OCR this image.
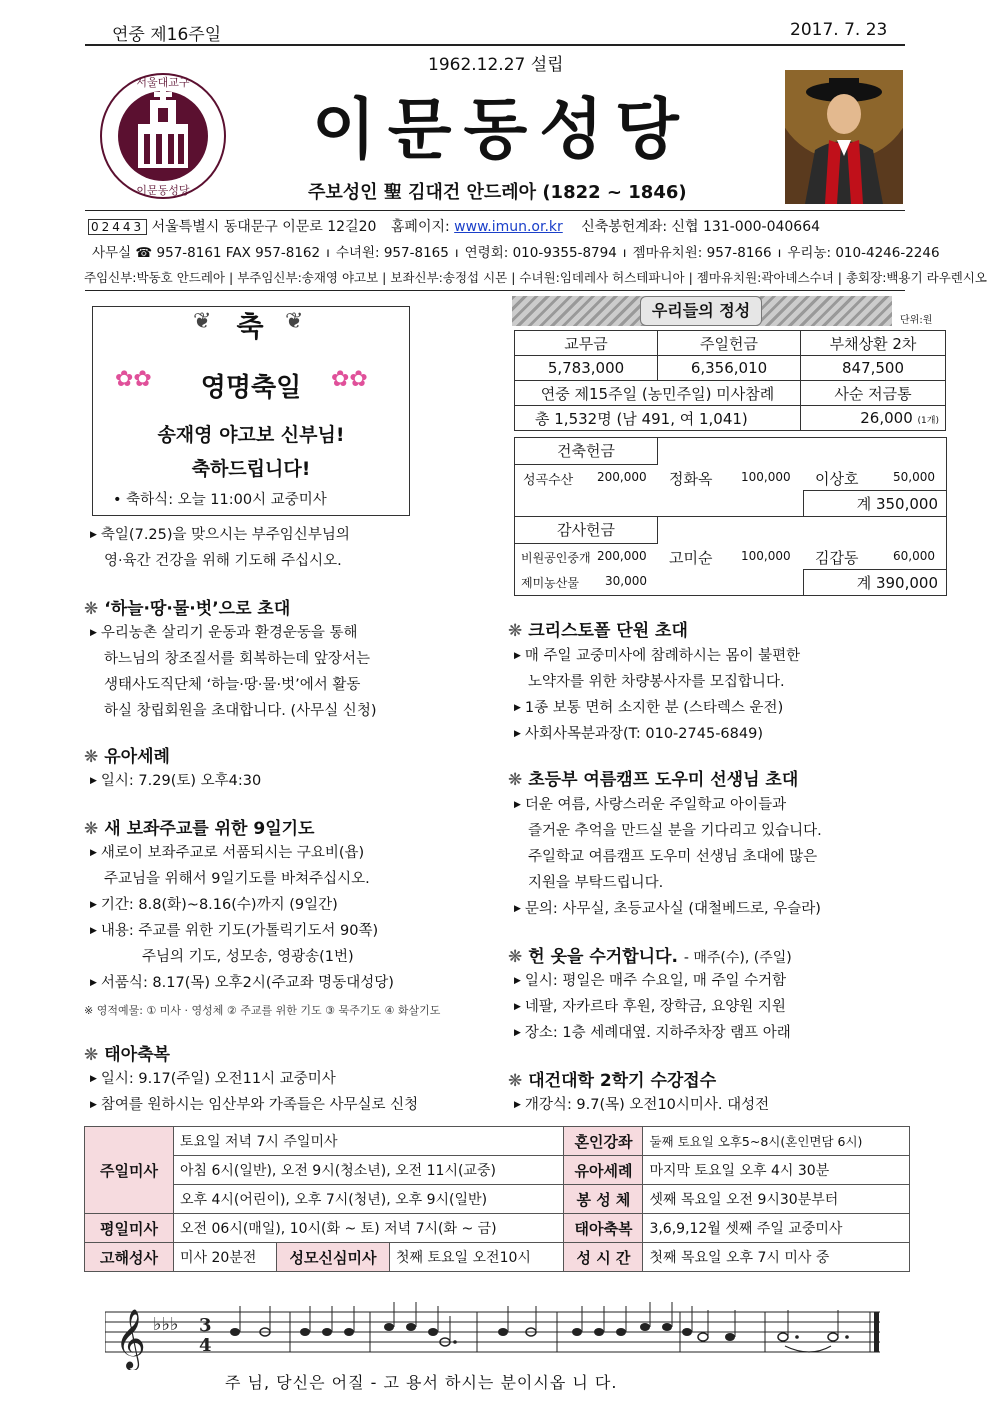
연중 제16주일	2017. 7. 23
서울대교구
이문동성당
1962.12.27 설립
이문동성당
주보성인 聖 김대건 안드레아 (1822 ~ 1846)
02443 서울특별시 동대문구 이문로 12길20 홈페이지: www.imun.or.kr 신축봉헌계좌: 신협 131-000-040664
사무실 ☎ 957-8161 FAX 957-8162 ı 수녀원: 957-8165 ı 연령회: 010-9355-8794 ı 젬마유치원: 957-8166 ı 우리농: 010-4246-2246
주임신부:박동호 안드레아 | 부주임신부:송재영 야고보 | 보좌신부:송정섭 시몬 | 수녀원:임데레사 허스테파니아 | 젬마유치원:곽아녜스수녀 | 총회장:백용기 라우렌시오
축
❦	❦
✿✿	✿✿
영명축일
송재영 야고보 신부님!
축하드립니다!
• 축하식: 오늘 11:00시 교중미사
▶ 축일(7.25)을 맞으시는 부주임신부님의
영·육간 건강을 위해 기도해 주십시오.
❋ ‘하늘·땅·물·벗’으로 초대
▶ 우리농촌 살리기 운동과 환경운동을 통해
하느님의 창조질서를 회복하는데 앞장서는
생태사도직단체 ‘하늘·땅·물·벗’에서 활동
하실 창립회원을 초대합니다. (사무실 신청)
❋ 유아세례
▶ 일시: 7.29(토) 오후4:30
❋ 새 보좌주교를 위한 9일기도
▶ 새로이 보좌주교로 서품되시는 구요비(욥)
주교님을 위해서 9일기도를 바쳐주십시오.
▶ 기간: 8.8(화)~8.16(수)까지 (9일간)
▶ 내용: 주교를 위한 기도(가톨릭기도서 90쪽)
주님의 기도, 성모송, 영광송(1번)
▶ 서품식: 8.17(목) 오후2시(주교좌 명동대성당)
※ 영적예물: ① 미사 · 영성체 ② 주교를 위한 기도 ③ 묵주기도 ④ 화살기도
❋ 태아축복
▶ 일시: 9.17(주일) 오전11시 교중미사
▶ 참여를 원하시는 임산부와 가족들은 사무실로 신청
우리들의 정성
단위:원
교무금	주일헌금	부채상환 2차
5,783,000	6,356,010	847,500
연중 제15주일 (농민주일) 미사참례		사순 저금통
총 1,532명 (남 491, 여 1,041)		26,000 (1개)
건축헌금
성곡수산 200,000 정화옥 100,000 이상호	50,000
계 350,000
감사헌금
비원공인중개 200,000 고미순 100,000 김갑동	60,000
제미농산물 30,000	계 390,000
❋ 크리스토폴 단원 초대
▶ 매 주일 교중미사에 참례하시는 몸이 불편한
노약자를 위한 차량봉사자를 모집합니다.
▶ 1종 보통 면허 소지한 분 (스타렉스 운전)
▶ 사회사목분과장(T: 010-2745-6849)
❋ 초등부 여름캠프 도우미 선생님 초대
▶ 더운 여름, 사랑스러운 주일학교 아이들과
즐거운 추억을 만드실 분을 기다리고 있습니다.
주일학교 여름캠프 도우미 선생님 초대에 많은
지원을 부탁드립니다.
▶ 문의: 사무실, 초등교사실 (대철베드로, 우슬라)
❋ 헌 옷을 수거합니다. - 매주(수), (주일)
▶ 일시: 평일은 매주 수요일, 매 주일 수거함
▶ 네팔, 자카르타 후원, 장학금, 요양원 지원
▶ 장소: 1층 세례대옆. 지하주차장 램프 아래
❋ 대건대학 2학기 수강접수
▶ 개강식: 9.7(목) 오전10시미사. 대성전
주일미사	토요일 저녁 7시 주일미사			혼인강좌	둘째 토요일 오후5~8시(혼인면담 6시)
	아침 6시(일반), 오전 9시(청소년), 오전 11시(교중)			유아세례	마지막 토요일 오후 4시 30분
	오후 4시(어린이), 오후 7시(청년), 오후 9시(일반)			봉 성 체	셋째 목요일 오전 9시30분부터
평일미사	오전 06시(매일), 10시(화 ~ 토) 저녁 7시(화 ~ 금)			태아축복	3,6,9,12월 셋째 주일 교중미사
고해성사	미사 20분전	성모신심미사	첫째 토요일 오전10시	성 시 간	첫째 목요일 오후 7시 미사 중
𝄞 ♭♭♭ 3
4
주 님, 당신은 어질 - 고 용서 하시는 분이시옵 니 다.
